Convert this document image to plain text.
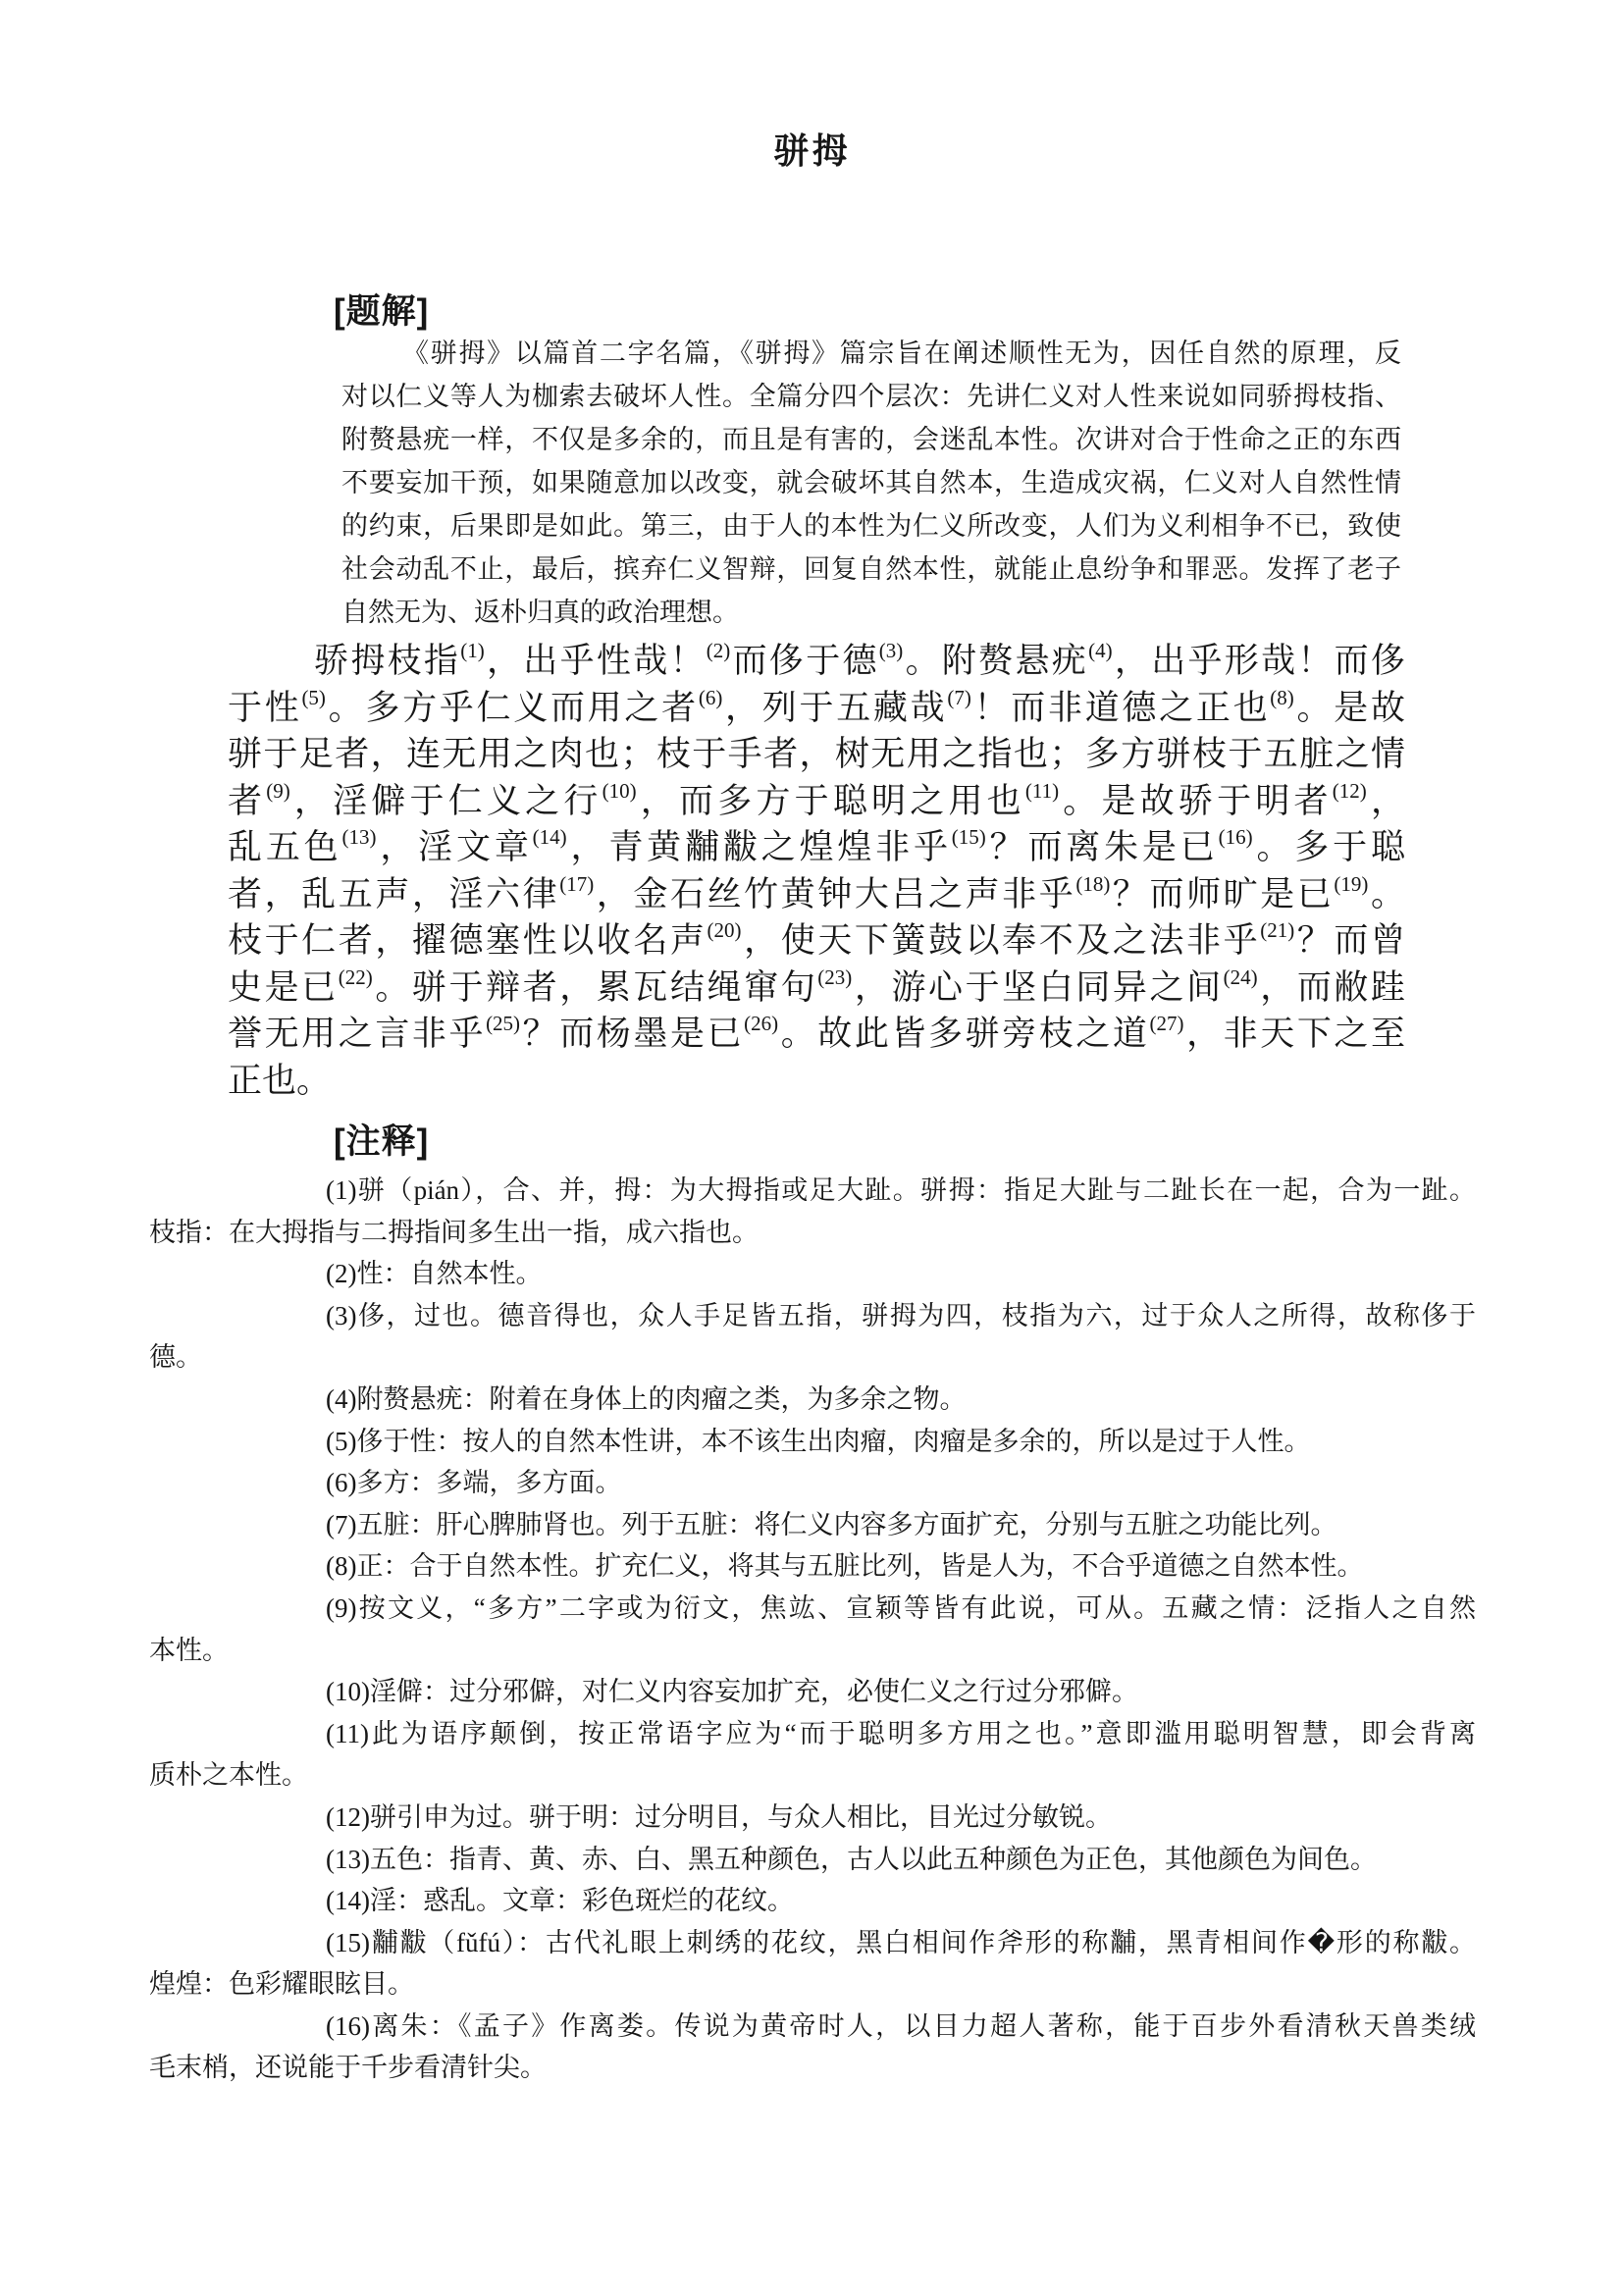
骈拇
[题解]
《骈拇》以篇首二字名篇，《骈拇》篇宗旨在阐述顺性无为，因任自然的原理，反
对以仁义等人为枷索去破坏人性。全篇分四个层次：先讲仁义对人性来说如同骄拇枝指、
附赘悬疣一样，不仅是多余的，而且是有害的，会迷乱本性。次讲对合于性命之正的东西
不要妄加干预，如果随意加以改变，就会破坏其自然本，生造成灾祸，仁义对人自然性情
的约束，后果即是如此。第三，由于人的本性为仁义所改变，人们为义利相争不已，致使
社会动乱不止，最后，摈弃仁义智辩，回复自然本性，就能止息纷争和罪恶。发挥了老子
自然无为、返朴归真的政治理想。
骄拇枝指$^{(1)}$，出乎性哉！$^{(2)}$而侈于德$^{(3)}$。附赘悬疣$^{(4)}$，出乎形哉！而侈
于性$^{(5)}$。多方乎仁义而用之者$^{(6)}$，列于五藏哉$^{(7)}$！而非道德之正也$^{(8)}$。是故
骈于足者，连无用之肉也；枝于手者，树无用之指也；多方骈枝于五脏之情
者$^{(9)}$，淫僻于仁义之行$^{(10)}$，而多方于聪明之用也$^{(11)}$。是故骄于明者$^{(12)}$，
乱五色$^{(13)}$，淫文章$^{(14)}$，青黄黼黻之煌煌非乎$^{(15)}$？而离朱是已$^{(16)}$。多于聪
者，乱五声，淫六律$^{(17)}$，金石丝竹黄钟大吕之声非乎$^{(18)}$？而师旷是已$^{(19)}$。
枝于仁者，擢德塞性以收名声$^{(20)}$，使天下簧鼓以奉不及之法非乎$^{(21)}$？而曾
史是已$^{(22)}$。骈于辩者，累瓦结绳窜句$^{(23)}$，游心于坚白同异之间$^{(24)}$，而敝跬
誉无用之言非乎$^{(25)}$？而杨墨是已$^{(26)}$。故此皆多骈旁枝之道$^{(27)}$，非天下之至
正也。
[注释]
(1)骈（pián），合、并，拇：为大拇指或足大趾。骈拇：指足大趾与二趾长在一起，合为一趾。
枝指：在大拇指与二拇指间多生出一指，成六指也。
(2)性：自然本性。
(3)侈，过也。德音得也，众人手足皆五指，骈拇为四，枝指为六，过于众人之所得，故称侈于
德。
(4)附赘悬疣：附着在身体上的肉瘤之类，为多余之物。
(5)侈于性：按人的自然本性讲，本不该生出肉瘤，肉瘤是多余的，所以是过于人性。
(6)多方：多端，多方面。
(7)五脏：肝心脾肺肾也。列于五脏：将仁义内容多方面扩充，分别与五脏之功能比列。
(8)正：合于自然本性。扩充仁义，将其与五脏比列，皆是人为，不合乎道德之自然本性。
(9)按文义，“多方”二字或为衍文，焦竑、宣颖等皆有此说，可从。五藏之情：泛指人之自然
本性。
(10)淫僻：过分邪僻，对仁义内容妄加扩充，必使仁义之行过分邪僻。
(11)此为语序颠倒，按正常语字应为“而于聪明多方用之也。”意即滥用聪明智慧，即会背离
质朴之本性。
(12)骈引申为过。骈于明：过分明目，与众人相比，目光过分敏锐。
(13)五色：指青、黄、赤、白、黑五种颜色，古人以此五种颜色为正色，其他颜色为间色。
(14)淫：惑乱。文章：彩色斑烂的花纹。
(15)黼黻（fǔfú）：古代礼眼上刺绣的花纹，黑白相间作斧形的称黼，黑青相间作�形的称黻。
煌煌：色彩耀眼眩目。
(16)离朱：《孟子》作离娄。传说为黄帝时人，以目力超人著称，能于百步外看清秋天兽类绒
毛末梢，还说能于千步看清针尖。
